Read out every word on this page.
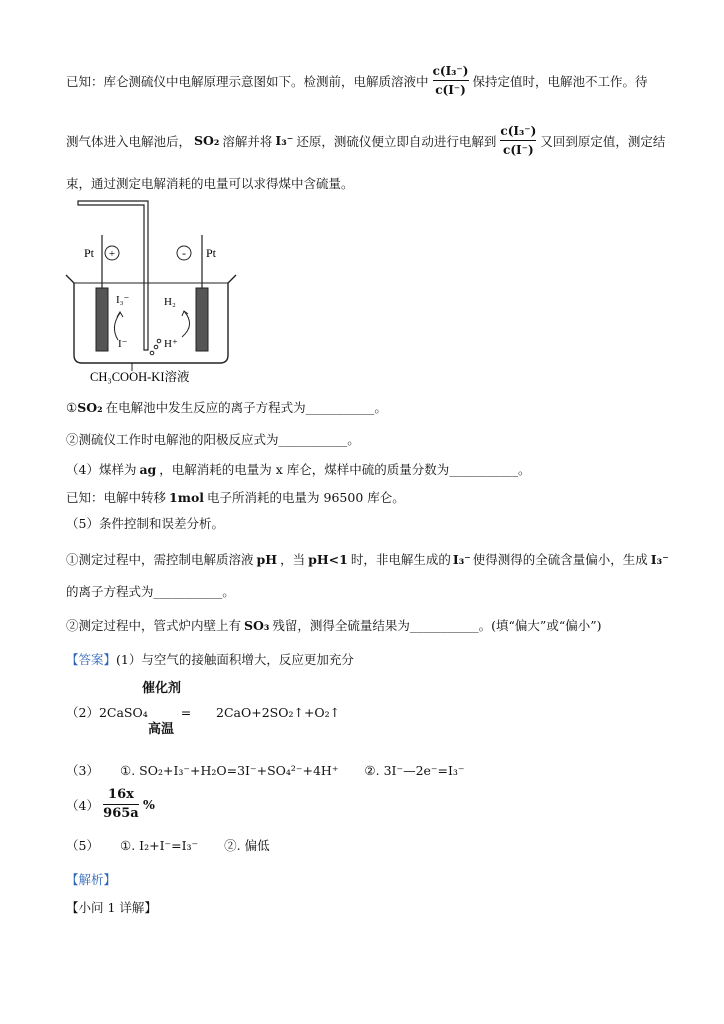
已知：库仑测硫仪中电解原理示意图如下。检测前，电解质溶液中 $\frac{\text{c(I₃⁻)}}{c(I^-)}$ 保持定值时，电解池不工作。待
测气体进入电解池后， SO₂ 溶解并将 I₃⁻ 还原，测硫仪便立即自动进行电解到 $\frac{\text{c(I₃⁻)}}{c(I^-)}$ 又回到原定值，测定结
束，通过测定电解消耗的电量可以求得煤中含硫量。
+
Pt	- Pt
I₃⁻
I⁻
H₂
H⁺
CH₃COOH-KI溶液
① SO₂ 在电解池中发生反应的离子方程式为___________。
②测硫仪工作时电解池的阳极反应式为___________。
（4）煤样为 ag ，电解消耗的电量为 x 库仑，煤样中硫的质量分数为___________。
已知：电解中转移 1mol 电子所消耗的电量为 96500 库仑。
（5）条件控制和误差分析。
①测定过程中，需控制电解质溶液 pH ，当 pH<1 时，非电解生成的 I₃⁻ 使得测得的全硫含量偏小，生成 I₃⁻
的离子方程式为___________。
②测定过程中，管式炉内壁上有 SO₃ 残留，测得全硫量结果为___________。(填“偏大”或“偏小”)
【答案】 (1）与空气的接触面积增大，反应更加充分
催化剂
（2）2CaSO₄	=	2CaO+2SO₂↑+O₂↑
高温
（3）	①. SO₂+I₃⁻+H₂O=3I⁻+SO₄²⁻+4H⁺ ②. 3I⁻—2e⁻=I₃⁻
$(4) \frac{16x}{965a}$ %
（5）	①. I₂+I⁻=I₃⁻ ②. 偏低
【解析】
【小问 1 详解】
